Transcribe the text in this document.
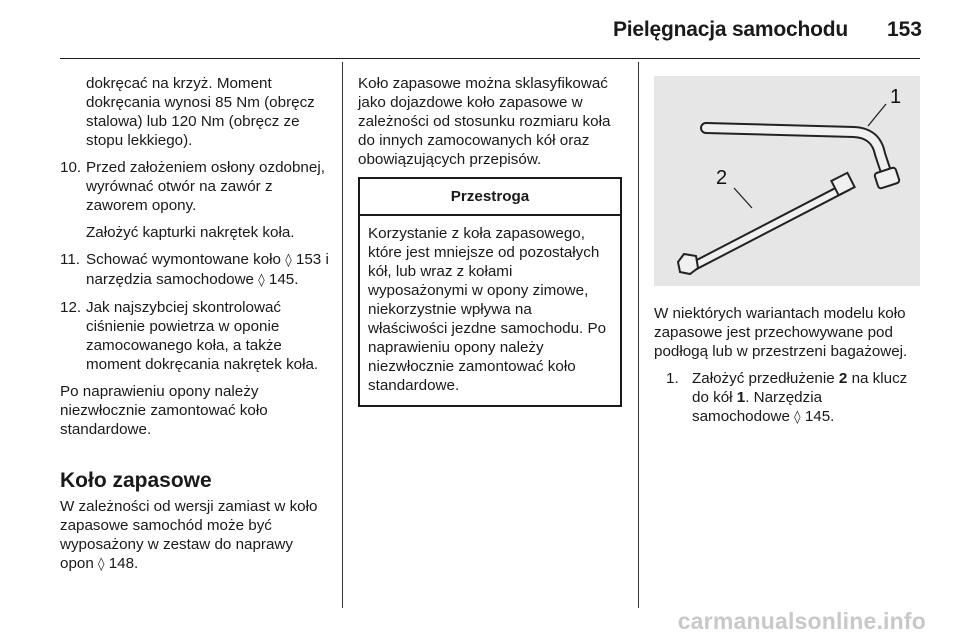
Pielęgnacja samochodu 153

dokręcać na krzyż. Moment dokręcania wynosi 85 Nm (obręcz stalowa) lub 120 Nm (obręcz ze stopu lekkiego).

10. Przed założeniem osłony ozdobnej, wyrównać otwór na zawór z zaworem opony.
Założyć kapturki nakrętek koła.
11. Schować wymontowane koło ◊ 153 i narzędzia samochodowe ◊ 145.
12. Jak najszybciej skontrolować ciśnienie powietrza w oponie zamocowanego koła, a także moment dokręcania nakrętek koła.

Po naprawieniu opony należy niezwłocznie zamontować koło standardowe.

Koło zapasowe

W zależności od wersji zamiast w koło zapasowe samochód może być wyposażony w zestaw do naprawy opon ◊ 148.

Koło zapasowe można sklasyfikować jako dojazdowe koło zapasowe w zależności od stosunku rozmiaru koła do innych zamocowanych kół oraz obowiązujących przepisów.

Przestroga
Korzystanie z koła zapasowego, które jest mniejsze od pozostałych kół, lub wraz z kołami wyposażonymi w opony zimowe, niekorzystnie wpływa na właściwości jezdne samochodu. Po naprawieniu opony należy niezwłocznie zamontować koło standardowe.
1
2

W niektórych wariantach modelu koło zapasowe jest przechowywane pod podłogą lub w przestrzeni bagażowej.

1. Założyć przedłużenie 2 na klucz do kół 1. Narzędzia samochodowe ◊ 145.
carmanualsonline.info
